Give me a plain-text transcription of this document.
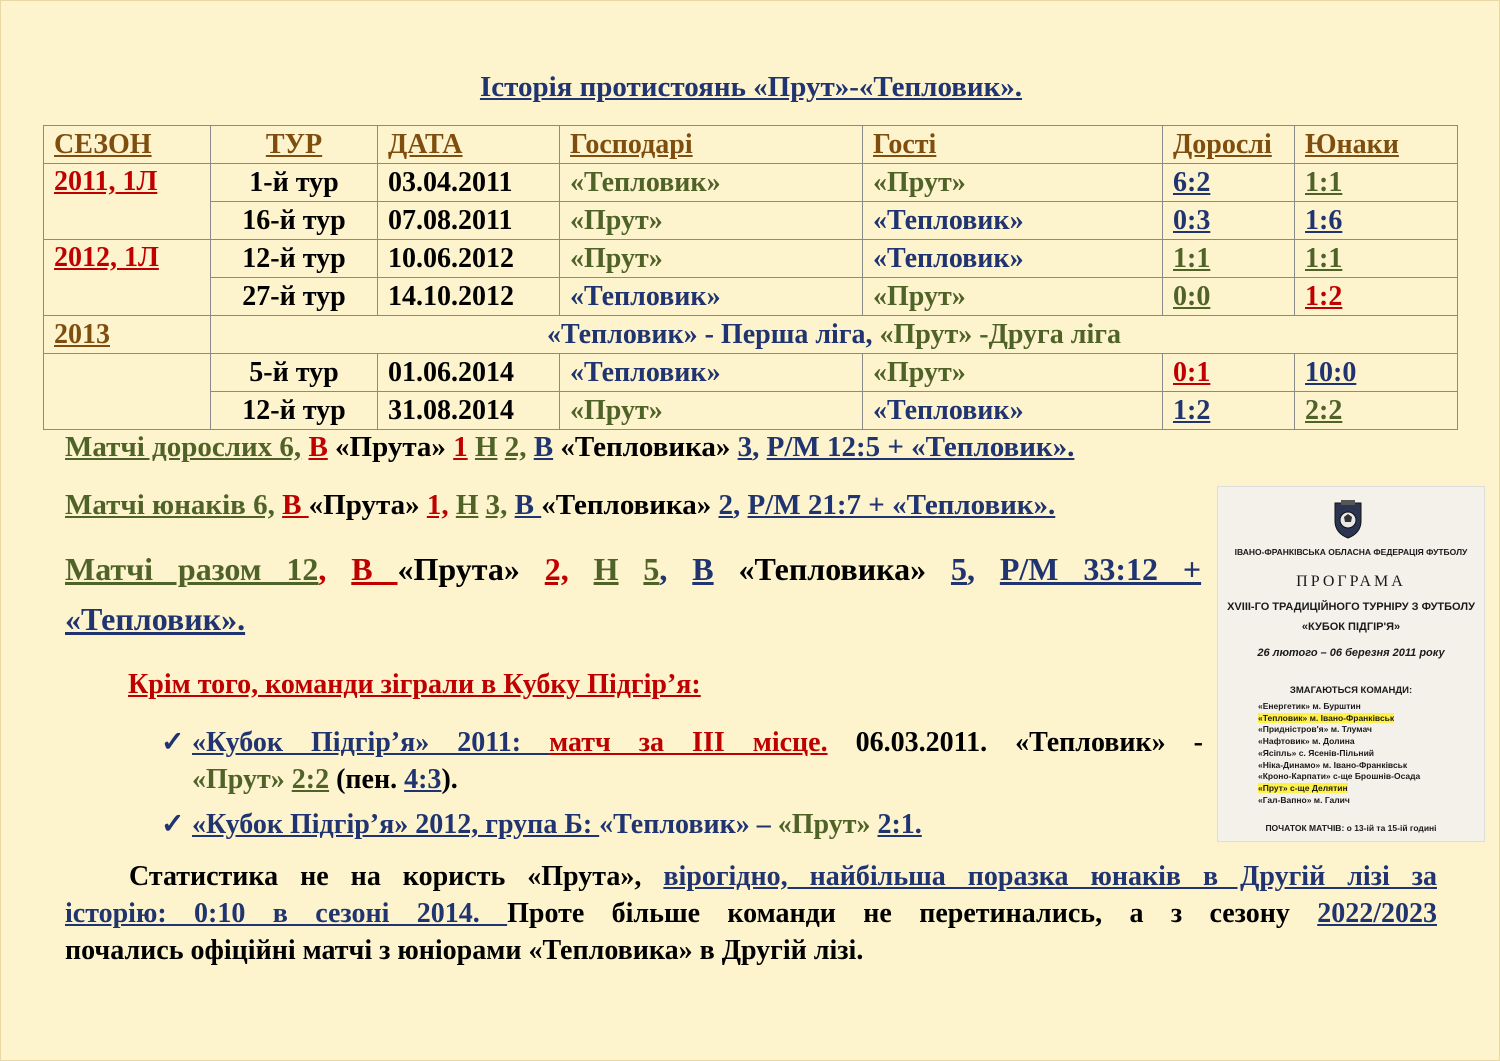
Історія протистоянь «Прут»-«Тепловик».
СЕЗОН	ТУР	ДАТА	Господарі	Гості	Дорослі	Юнаки
2011, 1Л	1-й тур	03.04.2011	«Тепловик»	«Прут»	6:2	1:1
	16-й тур	07.08.2011	«Прут»	«Тепловик»	0:3	1:6
2012, 1Л	12-й тур	10.06.2012	«Прут»	«Тепловик»	1:1	1:1
	27-й тур	14.10.2012	«Тепловик»	«Прут»	0:0	1:2
2013	«Тепловик» - Перша ліга, «Прут» -Друга ліга					
	5-й тур	01.06.2014	«Тепловик»	«Прут»	0:1	10:0
	12-й тур	31.08.2014	«Прут»	«Тепловик»	1:2	2:2
Матчі дорослих 6, В «Прута» 1 Н 2, В «Тепловика» 3, Р/М 12:5 + «Тепловик».
Матчі юнаків 6, В «Прута» 1, Н 3, В «Тепловика» 2, Р/М 21:7 + «Тепловик».
Матчі разом 12, В «Прута» 2, Н 5, В «Тепловика» 5, Р/М 33:12 +
«Тепловик».
Крім того, команди зіграли в Кубку Підгір’я:
✓ «Кубок Підгір’я» 2011: матч за III місце. 06.03.2011. «Тепловик» -
«Прут» 2:2 (пен. 4:3).
✓ «Кубок Підгір’я» 2012, група Б: «Тепловик» – «Прут» 2:1.
Статистика не на користь «Прута», вірогідно, найбільша поразка юнаків в Другій лізі за
історію: 0:10 в сезоні 2014. Проте більше команди не перетинались, а з сезону 2022/2023
почались офіційні матчі з юніорами «Тепловика» в Другій лізі.
ІВАНО-ФРАНКІВСЬКА ОБЛАСНА ФЕДЕРАЦІЯ ФУТБОЛУ
ПРОГРАМА
XVIII-ГО ТРАДИЦІЙНОГО ТУРНІРУ З ФУТБОЛУ
«КУБОК ПІДГІР'Я»
26 лютого – 06 березня 2011 року
ЗМАГАЮТЬСЯ КОМАНДИ:
«Енергетик» м. Бурштин
«Тепловик» м. Івано-Франківськ
«Придністров'я» м. Тлумач
«Нафтовик» м. Долина
«Ясіпль» с. Ясенів-Пільний
«Ніка-Динамо» м. Івано-Франківськ
«Кроно-Карпати» с-ще Брошнів-Осада
«Прут» с-ще Делятин
«Гал-Вапно» м. Галич
ПОЧАТОК МАТЧІВ: о 13-ій та 15-ій годині
